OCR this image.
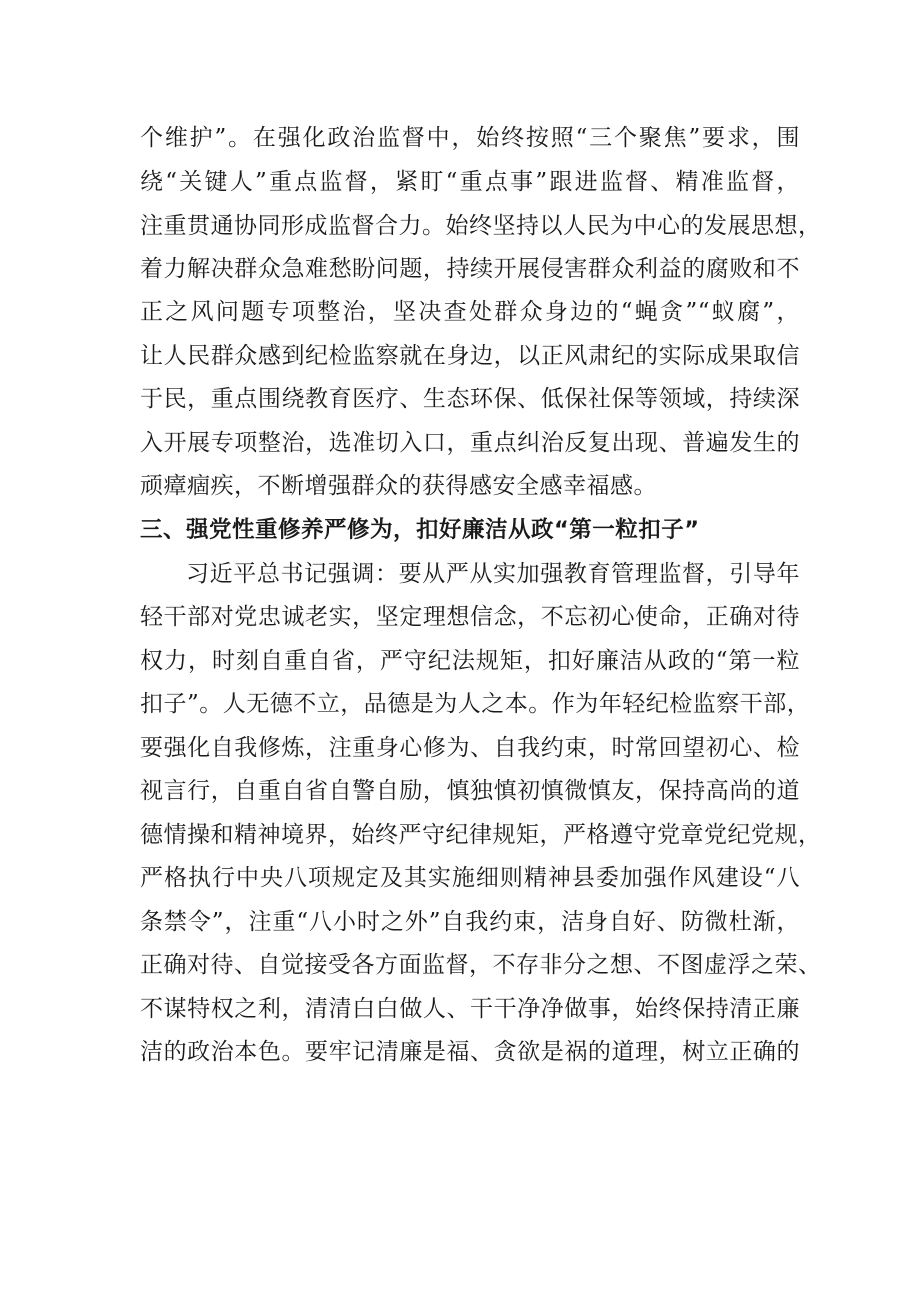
个维护”。在强化政治监督中，始终按照“三个聚焦”要求，围
绕“关键人”重点监督，紧盯“重点事”跟进监督、精准监督，
注重贯通协同形成监督合力。始终坚持以人民为中心的发展思想，
着力解决群众急难愁盼问题，持续开展侵害群众利益的腐败和不
正之风问题专项整治，坚决查处群众身边的“蝇贪”“蚁腐”，
让人民群众感到纪检监察就在身边，以正风肃纪的实际成果取信
于民，重点围绕教育医疗、生态环保、低保社保等领域，持续深
入开展专项整治，选准切入口，重点纠治反复出现、普遍发生的
顽瘴痼疾，不断增强群众的获得感安全感幸福感。
三、强党性重修养严修为，扣好廉洁从政“第一粒扣子”
习近平总书记强调：要从严从实加强教育管理监督，引导年
轻干部对党忠诚老实，坚定理想信念，不忘初心使命，正确对待
权力，时刻自重自省，严守纪法规矩，扣好廉洁从政的“第一粒
扣子”。人无德不立，品德是为人之本。作为年轻纪检监察干部，
要强化自我修炼，注重身心修为、自我约束，时常回望初心、检
视言行，自重自省自警自励，慎独慎初慎微慎友，保持高尚的道
德情操和精神境界，始终严守纪律规矩，严格遵守党章党纪党规，
严格执行中央八项规定及其实施细则精神县委加强作风建设“八
条禁令”，注重“八小时之外”自我约束，洁身自好、防微杜渐，
正确对待、自觉接受各方面监督，不存非分之想、不图虚浮之荣、
不谋特权之利，清清白白做人、干干净净做事，始终保持清正廉
洁的政治本色。要牢记清廉是福、贪欲是祸的道理，树立正确的
